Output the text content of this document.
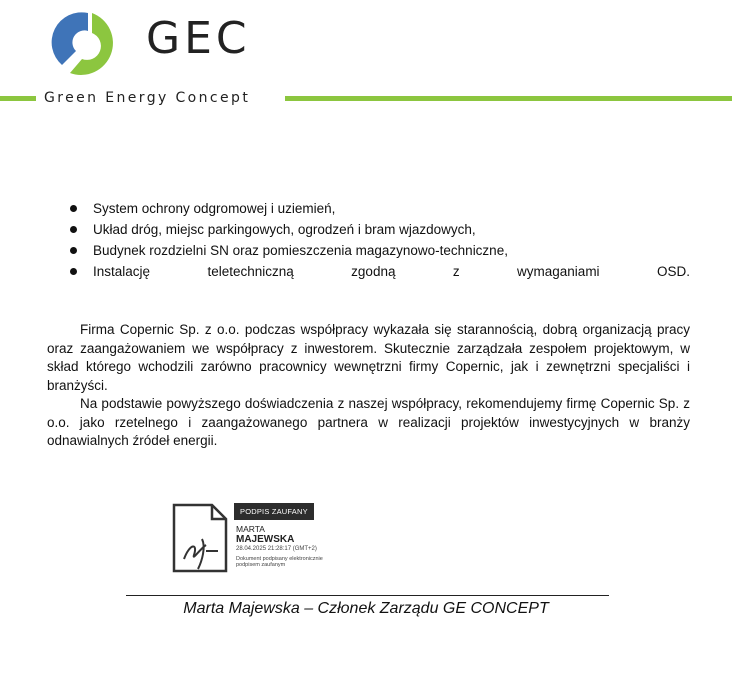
GEC
Green Energy Concept
System ochrony odgromowej i uziemień,
Układ dróg, miejsc parkingowych, ogrodzeń i bram wjazdowych,
Budynek rozdzielni SN oraz pomieszczenia magazynowo-techniczne,
Instalację	teletechniczną	zgodną	z	wymaganiami	OSD.

Firma Copernic Sp. z o.o. podczas współpracy wykazała się starannością, dobrą organizacją pracy oraz zaangażowaniem we współpracy z inwestorem. Skutecznie zarządzała zespołem projektowym, w skład którego wchodzili zarówno pracownicy wewnętrzni firmy Copernic, jak i zewnętrzni specjaliści i branżyści.

Na podstawie powyższego doświadczenia z naszej współpracy, rekomendujemy firmę Copernic Sp. z o.o. jako rzetelnego i zaangażowanego partnera w realizacji projektów inwestycyjnych w branży odnawialnych źródeł energii.

PODPIS ZAUFANY
MARTA
MAJEWSKA
28.04.2025 21:28:17 (GMT+2)
Dokument podpisany elektronicznie podpisem zaufanym
Marta Majewska – Członek Zarządu GE CONCEPT
